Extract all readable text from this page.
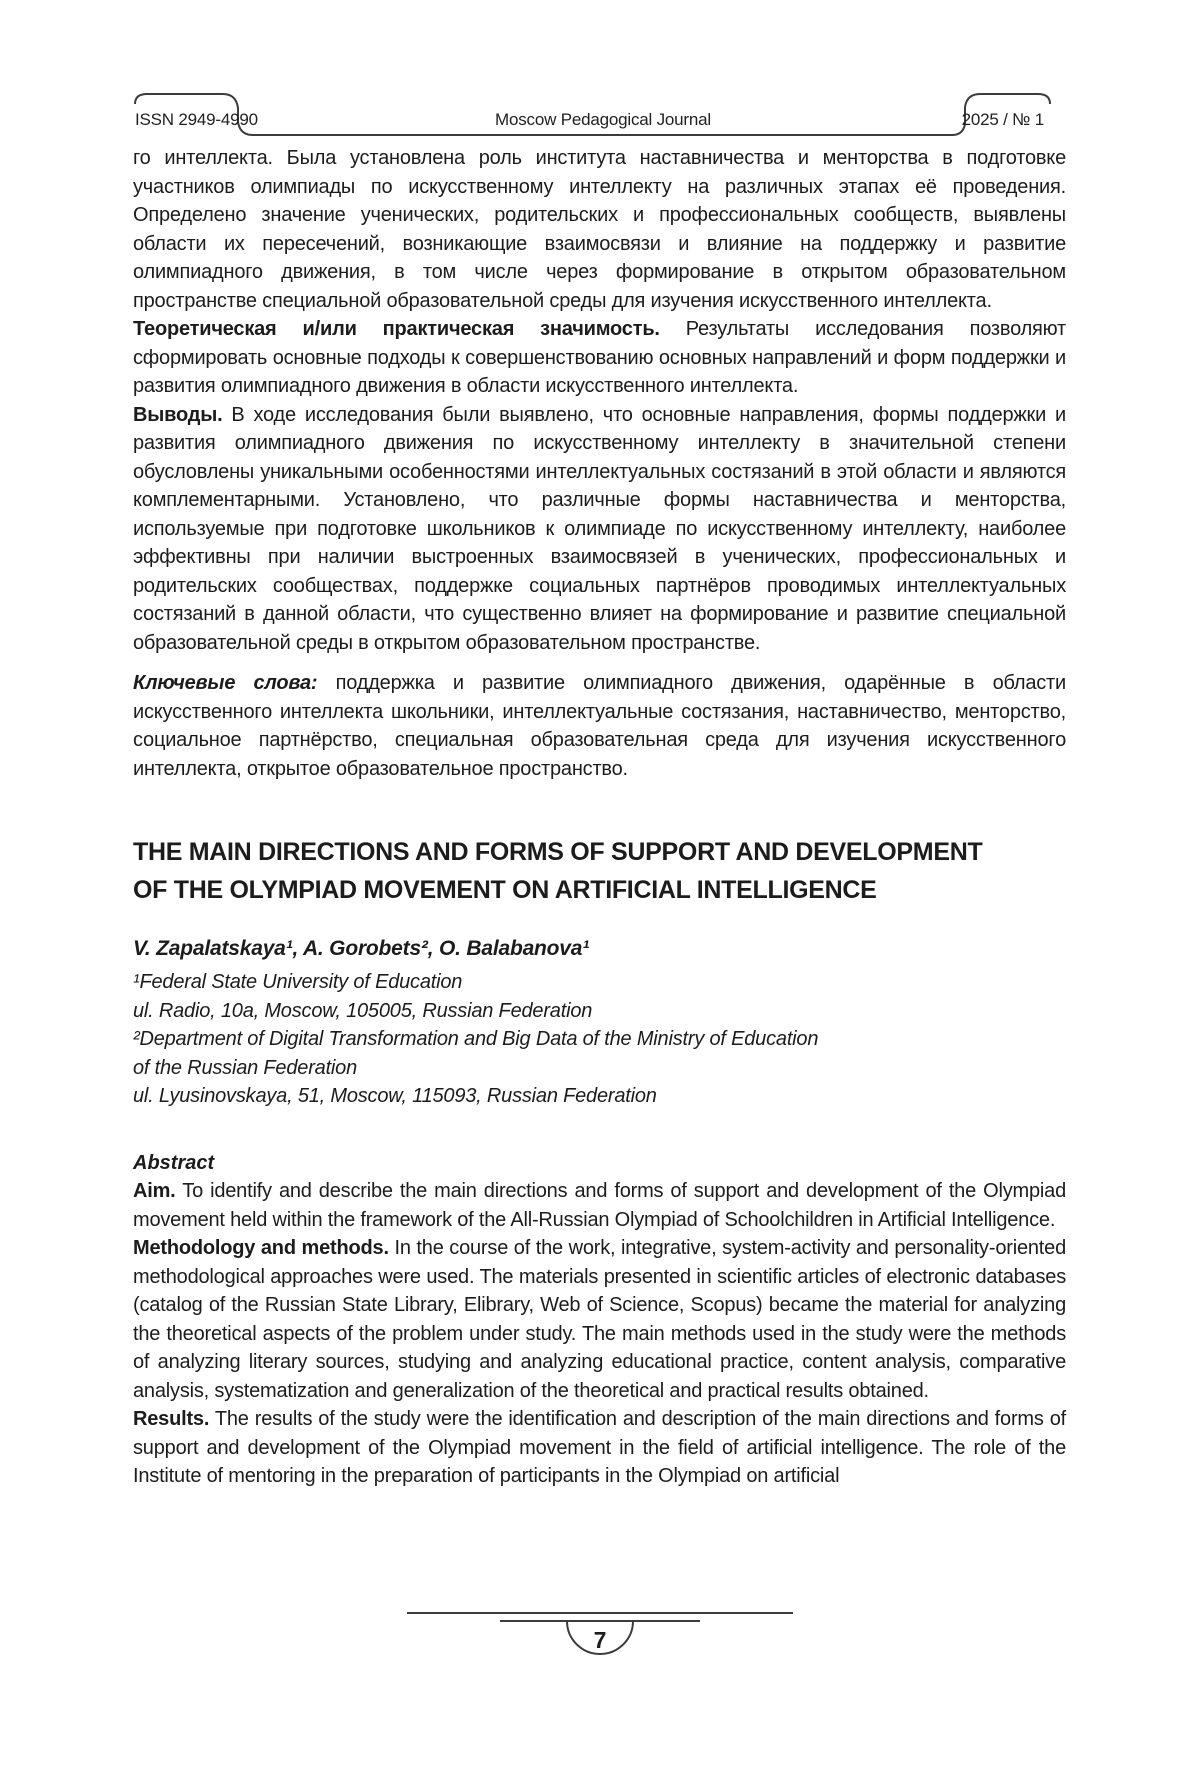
ISSN 2949-4990	Moscow Pedagogical Journal	2025 / № 1

го интеллекта. Была установлена роль института наставничества и менторства в подготовке участников олимпиады по искусственному интеллекту на различных этапах её проведения. Определено значение ученических, родительских и профессиональных сообществ, выявлены области их пересечений, возникающие взаимосвязи и влияние на поддержку и развитие олимпиадного движения, в том числе через формирование в открытом образовательном пространстве специальной образовательной среды для изучения искусственного интеллекта.

Теоретическая и/или практическая значимость. Результаты исследования позволяют сформировать основные подходы к совершенствованию основных направлений и форм поддержки и развития олимпиадного движения в области искусственного интеллекта.

Выводы. В ходе исследования были выявлено, что основные направления, формы поддержки и развития олимпиадного движения по искусственному интеллекту в значительной степени обусловлены уникальными особенностями интеллектуальных состязаний в этой области и являются комплементарными. Установлено, что различные формы наставничества и менторства, используемые при подготовке школьников к олимпиаде по искусственному интеллекту, наиболее эффективны при наличии выстроенных взаимосвязей в ученических, профессиональных и родительских сообществах, поддержке социальных партнёров проводимых интеллектуальных состязаний в данной области, что существенно влияет на формирование и развитие специальной образовательной среды в открытом образовательном пространстве.

Ключевые слова: поддержка и развитие олимпиадного движения, одарённые в области искусственного интеллекта школьники, интеллектуальные состязания, наставничество, менторство, социальное партнёрство, специальная образовательная среда для изучения искусственного интеллекта, открытое образовательное пространство.

THE MAIN DIRECTIONS AND FORMS OF SUPPORT AND DEVELOPMENT
OF THE OLYMPIAD MOVEMENT ON ARTIFICIAL INTELLIGENCE
V. Zapalatskaya¹, A. Gorobets², O. Balabanova¹
¹Federal State University of Education
ul. Radio, 10a, Moscow, 105005, Russian Federation
²Department of Digital Transformation and Big Data of the Ministry of Education
of the Russian Federation
ul. Lyusinovskaya, 51, Moscow, 115093, Russian Federation
Abstract

Aim. To identify and describe the main directions and forms of support and development of the Olympiad movement held within the framework of the All-Russian Olympiad of Schoolchildren in Artificial Intelligence.

Methodology and methods. In the course of the work, integrative, system-activity and personality-oriented methodological approaches were used. The materials presented in scientific articles of electronic databases (catalog of the Russian State Library, Elibrary, Web of Science, Scopus) became the material for analyzing the theoretical aspects of the problem under study. The main methods used in the study were the methods of analyzing literary sources, studying and analyzing educational practice, content analysis, comparative analysis, systematization and generalization of the theoretical and practical results obtained.

Results. The results of the study were the identification and description of the main directions and forms of support and development of the Olympiad movement in the field of artificial intelligence. The role of the Institute of mentoring in the preparation of participants in the Olympiad on artificial

7
